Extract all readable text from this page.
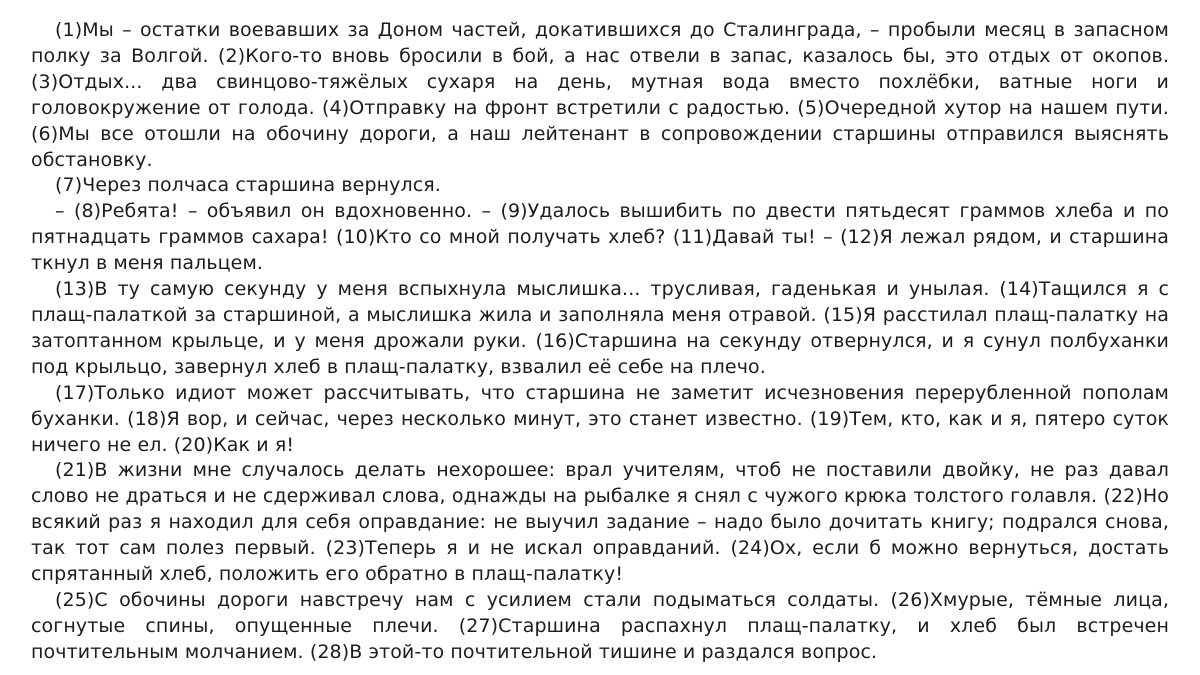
(1)Мы – остатки воевавших за Доном частей, докатившихся до Сталинграда, – пробыли месяц в запасном полку за Волгой. (2)Кого-то вновь бросили в бой, а нас отвели в запас, казалось бы, это отдых от окопов. (3)Отдых... два свинцово-тяжёлых сухаря на день, мутная вода вместо похлёбки, ватные ноги и головокружение от голода. (4)Отправку на фронт встретили с радостью. (5)Очередной хутор на нашем пути. (6)Мы все отошли на обочину дороги, а наш лейтенант в сопровождении старшины отправился выяснять обстановку.

(7)Через полчаса старшина вернулся.

– (8)Ребята! – объявил он вдохновенно. – (9)Удалось вышибить по двести пятьдесят граммов хлеба и по пятнадцать граммов сахара! (10)Кто со мной получать хлеб? (11)Давай ты! – (12)Я лежал рядом, и старшина ткнул в меня пальцем.

(13)В ту самую секунду у меня вспыхнула мыслишка... трусливая, гаденькая и унылая. (14)Тащился я с плащ-палаткой за старшиной, а мыслишка жила и заполняла меня отравой. (15)Я расстилал плащ-палатку на затоптанном крыльце, и у меня дрожали руки. (16)Старшина на секунду отвернулся, и я сунул полбуханки под крыльцо, завернул хлеб в плащ-палатку, взвалил её себе на плечо.

(17)Только идиот может рассчитывать, что старшина не заметит исчезновения перерубленной пополам буханки. (18)Я вор, и сейчас, через несколько минут, это станет известно. (19)Тем, кто, как и я, пятеро суток ничего не ел. (20)Как и я!

(21)В жизни мне случалось делать нехорошее: врал учителям, чтоб не поставили двойку, не раз давал слово не драться и не сдерживал слова, однажды на рыбалке я снял с чужого крюка толстого голавля. (22)Но всякий раз я находил для себя оправдание: не выучил задание – надо было дочитать книгу; подрался снова, так тот сам полез первый. (23)Теперь я и не искал оправданий. (24)Ох, если б можно вернуться, достать спрятанный хлеб, положить его обратно в плащ-палатку!

(25)С обочины дороги навстречу нам с усилием стали подыматься солдаты. (26)Хмурые, тёмные лица, согнутые спины, опущенные плечи. (27)Старшина распахнул плащ-палатку, и хлеб был встречен почтительным молчанием. (28)В этой-то почтительной тишине и раздался вопрос.
